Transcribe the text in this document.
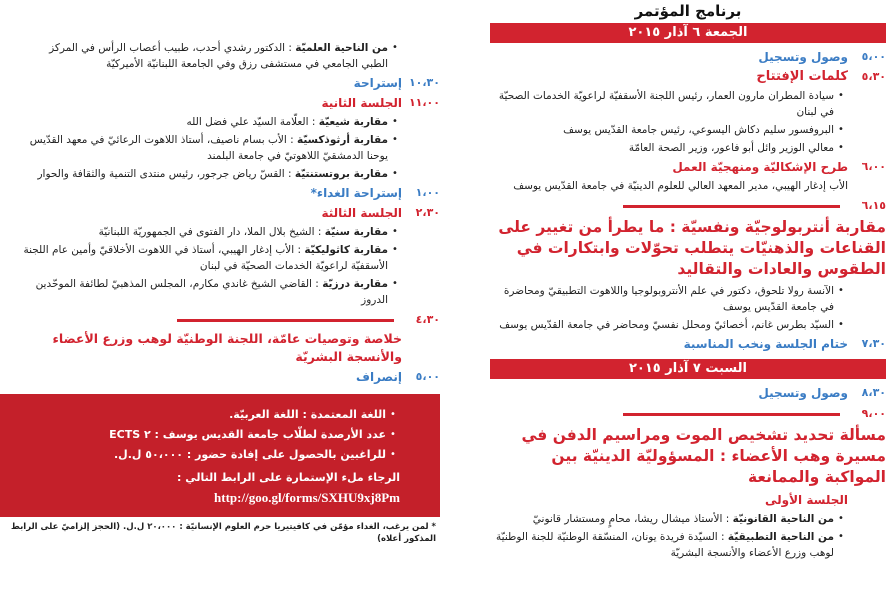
برنامج المؤتمر
الجمعة ٦ آذار ٢٠١٥
٥،٠٠
وصول وتسجيل
٥،٣٠
كلمات الإفتتاح
•
سيادة المطران مارون العمار، رئيس اللجنة الأسقفيّة لراعويّة الخدمات الصحيّة في لبنان
•
البروفسور سليم دكاش اليسوعي، رئيس جامعة القدّيس يوسف
•
معالي الوزير وائل أبو فاعور، وزير الصحة العامّة
٦،٠٠
طرح الإشكاليّة ومنهجيّة العمل
الأب إدغار الهيبي، مدير المعهد العالي للعلوم الدينيّة في جامعة القدّيس يوسف
٦،١٥
مقاربة أنتربولوجيّة ونفسيّة : ما يطرأ من تغيير على القناعات والذهنيّات يتطلب تحوّلات وابتكارات في الطقوس والعادات والتقاليد
•
الآنسة رولا تلحوق، دكتور في علم الأنتروبولوجيا واللاهوت التطبيقيّ ومحاضرة في جامعة القدّيس يوسف
•
السيّد بطرس غانم، أخصائيّ ومحلل نفسيّ ومحاضر في جامعة القدّيس يوسف
٧،٣٠
ختام الجلسة ونخب المناسبة
السبت ٧ آذار ٢٠١٥
٨،٣٠
وصول وتسجيل
٩،٠٠
مسألة تحديد تشخيص الموت ومراسيم الدفن في مسيرة وهب الأعضاء : المسؤوليّة الدينيّة بين المواكبة والممانعة
الجلسة الأولى
•
من الناحية القانونيّة : الأستاذ ميشال ريشا، محامٍ ومستشار قانونيّ
•
من الناحية التطبيقيّة : السيّدة فريدة يونان، المنسّقة الوطنيّة للجنة الوطنيّة لوهب وزرع الأعضاء والأنسجة البشريّة
•
من الناحية العلميّة : الدكتور رشدي أحدب، طبيب أعصاب الرأس في المركز الطبي الجامعي في مستشفى رزق وفي الجامعة اللبنانيّة الأميركيّة
١٠،٣٠
إستراحة
١١،٠٠
الجلسة الثانية
•
مقاربة شيعيّة : العلّامة السيّد علي فضل الله
•
مقاربة أرثوذكسيّة : الأب بسام ناصيف، أستاذ اللاهوت الرعائيّ في معهد القدّيس يوحنا الدمشقيّ اللاهوتيّ في جامعة البلمند
•
مقاربة بروتستنتيّة : القسّ رياض جرجور، رئيس منتدى التنمية والثقافة والحوار
١،٠٠
إستراحة الغداء*
٢،٣٠
الجلسة الثالثة
•
مقاربة سنيّة : الشيخ بلال الملا، دار الفتوى في الجمهوريّة اللبنانيّة
•
مقاربة كاثوليكيّة : الأب إدغار الهيبي، أستاذ في اللاهوت الأخلاقيّ وأمين عام اللجنة الأسقفيّة لراعويّة الخدمات الصحيّة في لبنان
•
مقاربة درزيّة : القاضي الشيخ غاندي مكارم، المجلس المذهبيّ لطائفة الموحّدين الدروز
٤،٣٠
خلاصة وتوصيات عامّة، اللجنة الوطنيّة لوهب وزرع الأعضاء والأنسجة البشريّة
٥،٠٠
إنصراف
•
اللغة المعتمدة : اللغة العربيّة.
•
عدد الأرصدة لطلّاب جامعة القديس يوسف : ٢ ECTS
•
للراغبين بالحصول على إفادة حضور : ٥٠،٠٠٠ ل.ل.
الرجاء ملء الإستمارة على الرابط التالي : http://goo.gl/forms/SXHU9xj8Pm
* لمن يرغب، الغداء مؤمّن في كافيتيريا حرم العلوم الإنسانيّة : ٢٠،٠٠٠ ل.ل. (الحجز إلزاميّ على الرابط المذكور أعلاه)
